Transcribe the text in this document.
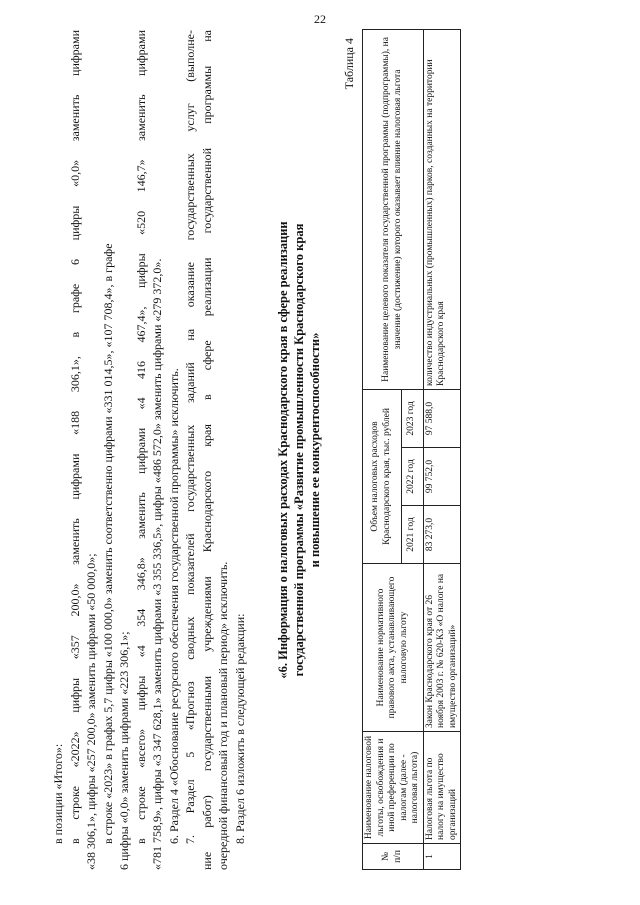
22
в позиции «Итого»: в строке «2022» цифры «357 200,0» заменить цифрами «188 306,1», в графе 6 цифры «0,0» заменить цифрами «38 306,1», цифры «257 200,0» заменить цифрами «50 000,0»; в строке «2023» в графах 5,7 цифры «100 000,0» заменить соответственно цифрами «331 014,5», «107 708,4», в графе 6 цифры «0,0» заменить цифрами «223 306,1»; в строке «всего» цифры «4 354 346,8» заменить цифрами «4 416 467,4», цифры «520 146,7» заменить цифрами «781 758,9», цифры «3 347 628,1» заменить цифрами «3 355 336,5», цифры «486 572,0» заменить цифрами «279 372,0». 6. Раздел 4 «Обоснование ресурсного обеспечения государственной программы» исключить. 7. Раздел 5 «Прогноз сводных показателей государственных заданий на оказание государственных услуг (выполне- ние работ) государственными учреждениями Краснодарского края в сфере реализации государственной программы на очередной финансовый год и плановый период» исключить. 8. Раздел 6 изложить в следующей редакции:
«6. Информация о налоговых расходах Краснодарского края в сфере реализации государственной программы «Развитие промышленности Краснодарского края и повышение ее конкурентоспособности»
Таблица 4
№ п/п	Наименование налоговой льготы, освобождения и иной преференции по налогам (далее - налоговая льгота)	Наименование нормативного правового акта, устанавливающего налоговую льготу	Объем налоговых расходов Краснодарского края, тыс. рублей			Наименование целевого показателя государственной программы (подпрограммы), на значение (достижение) которого оказывает влияние налоговая льгота
			2021 год	2022 год	2023 год	
1	Налоговая льгота по налогу на имущество организаций	Закон Краснодарского края от 26 ноября 2003 г. № 620-КЗ «О налоге на имущество организаций»	83 273,0	99 752,0	97 588,0	количество индустриальных (промышленных) парков, созданных на территории Краснодарского края
